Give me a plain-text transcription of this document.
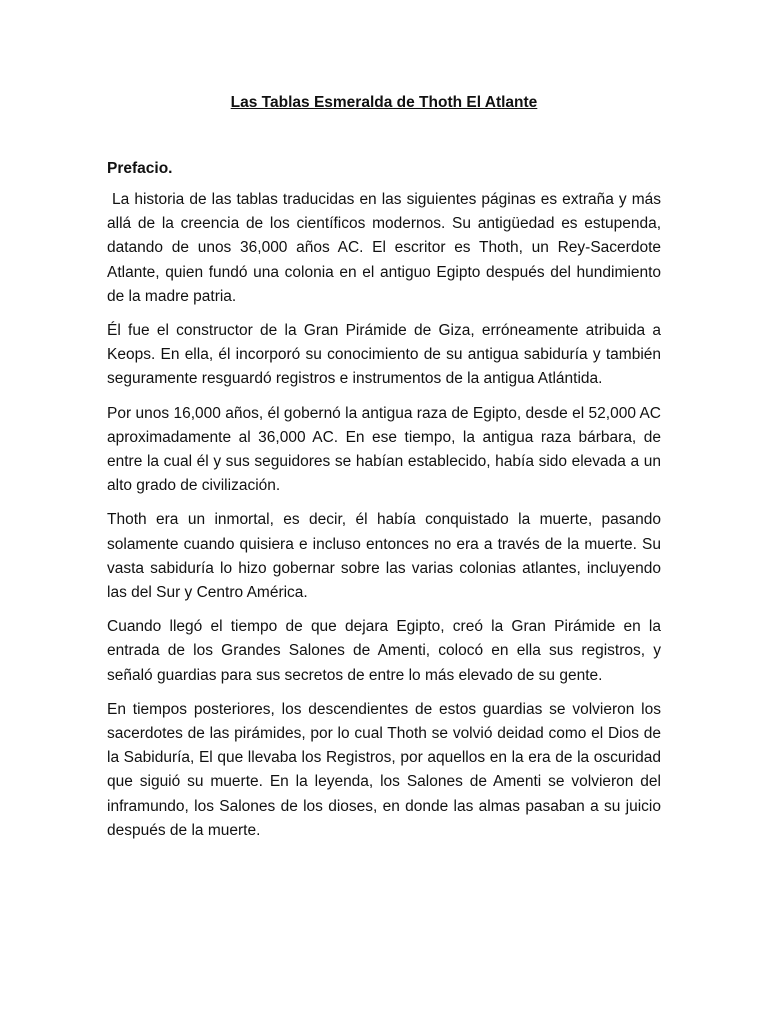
Las Tablas Esmeralda de Thoth El Atlante
Prefacio.

La historia de las tablas traducidas en las siguientes páginas es extraña y más allá de la creencia de los científicos modernos. Su antigüedad es estupenda, datando de unos 36,000 años AC. El escritor es Thoth, un Rey-Sacerdote Atlante, quien fundó una colonia en el antiguo Egipto después del hundimiento de la madre patria.

Él fue el constructor de la Gran Pirámide de Giza, erróneamente atribuida a Keops. En ella, él incorporó su conocimiento de su antigua sabiduría y también seguramente resguardó registros e instrumentos de la antigua Atlántida.

Por unos 16,000 años, él gobernó la antigua raza de Egipto, desde el 52,000 AC aproximadamente al 36,000 AC. En ese tiempo, la antigua raza bárbara, de entre la cual él y sus seguidores se habían establecido, había sido elevada a un alto grado de civilización.

Thoth era un inmortal, es decir, él había conquistado la muerte, pasando solamente cuando quisiera e incluso entonces no era a través de la muerte. Su vasta sabiduría lo hizo gobernar sobre las varias colonias atlantes, incluyendo las del Sur y Centro América.

Cuando llegó el tiempo de que dejara Egipto, creó la Gran Pirámide en la entrada de los Grandes Salones de Amenti, colocó en ella sus registros, y señaló guardias para sus secretos de entre lo más elevado de su gente.

En tiempos posteriores, los descendientes de estos guardias se volvieron los sacerdotes de las pirámides, por lo cual Thoth se volvió deidad como el Dios de la Sabiduría, El que llevaba los Registros, por aquellos en la era de la oscuridad que siguió su muerte. En la leyenda, los Salones de Amenti se volvieron del inframundo, los Salones de los dioses, en donde las almas pasaban a su juicio después de la muerte.
